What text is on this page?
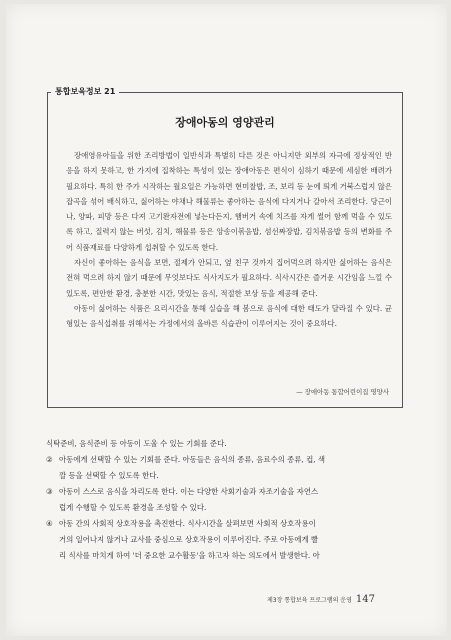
통합보육정보 21
장애아동의 영양관리

장애영유아들을 위한 조리방법이 일반식과 특별히 다른 것은 아니지만 외부의 자극에 정상적인 반응을 하지 못하고, 한 가지에 집착하는 특성이 있는 장애아동은 편식이 심하기 때문에 세심한 배려가 필요하다. 특히 한 주가 시작하는 월요일은 가능하면 현미찰밥, 조, 보리 등 눈에 띄게 거북스럽지 않은 잡곡을 섞어 배식하고, 싫어하는 야채나 해물류는 좋아하는 음식에 다지거나 갈아서 조리한다. 당근이나, 양파, 피망 등은 다져 고기완자전에 넣는다든지, 햄버거 속에 치즈를 자게 썰어 함께 먹을 수 있도록 하고, 질력지 않는 버섯, 김치, 해물류 등은 앙송이볶음밥, 섬선짜장밥, 김치볶음밥 등의 변화를 주어 식품재료를 다양하게 섭취할 수 있도록 한다.

자신이 좋아하는 음식을 보면, 절제가 안되고, 옆 친구 것까지 집어먹으려 하지만 싫어하는 음식은 전혀 먹으려 하지 않기 때문에 무엇보다도 식사지도가 필요하다. 식사시간은 즐거운 시간임을 느낄 수 있도록, 편안한 환경, 충분한 시간, 맛있는 음식, 적절한 보상 등을 제공해 준다.

아동이 싫어하는 식품은 요리시간을 통해 실습을 해 봄으로 음식에 대한 태도가 달라질 수 있다. 균형있는 음식섭취를 위해서는 가정에서의 올바른 식습관이 이루어지는 것이 중요하다.

— 장애아동 통합어린이집 영양사
식탁준비, 음식준비 등 아동이 도울 수 있는 기회를 준다.
② 아동에게 선택할 수 있는 기회를 준다. 아동들은 음식의 종류, 음료수의 종류, 컵, 색
깔 등을 선택할 수 있도록 한다.
③ 아동이 스스로 음식을 차리도록 한다. 이는 다양한 사회기술과 자조기술을 자연스
럽게 수행할 수 있도록 환경을 조성할 수 있다.
④ 아동 간의 사회적 상호작용을 촉진한다. 식사시간을 살펴보면 사회적 상호작용이
거의 일어나지 않거나 교사를 중심으로 상호작용이 이루어진다. 주로 아동에게 빨
리 식사를 마치게 하여 '더 중요한 교수활동'을 하고자 하는 의도에서 발생한다. 아
제3장 통합보육 프로그램의 운영 147
